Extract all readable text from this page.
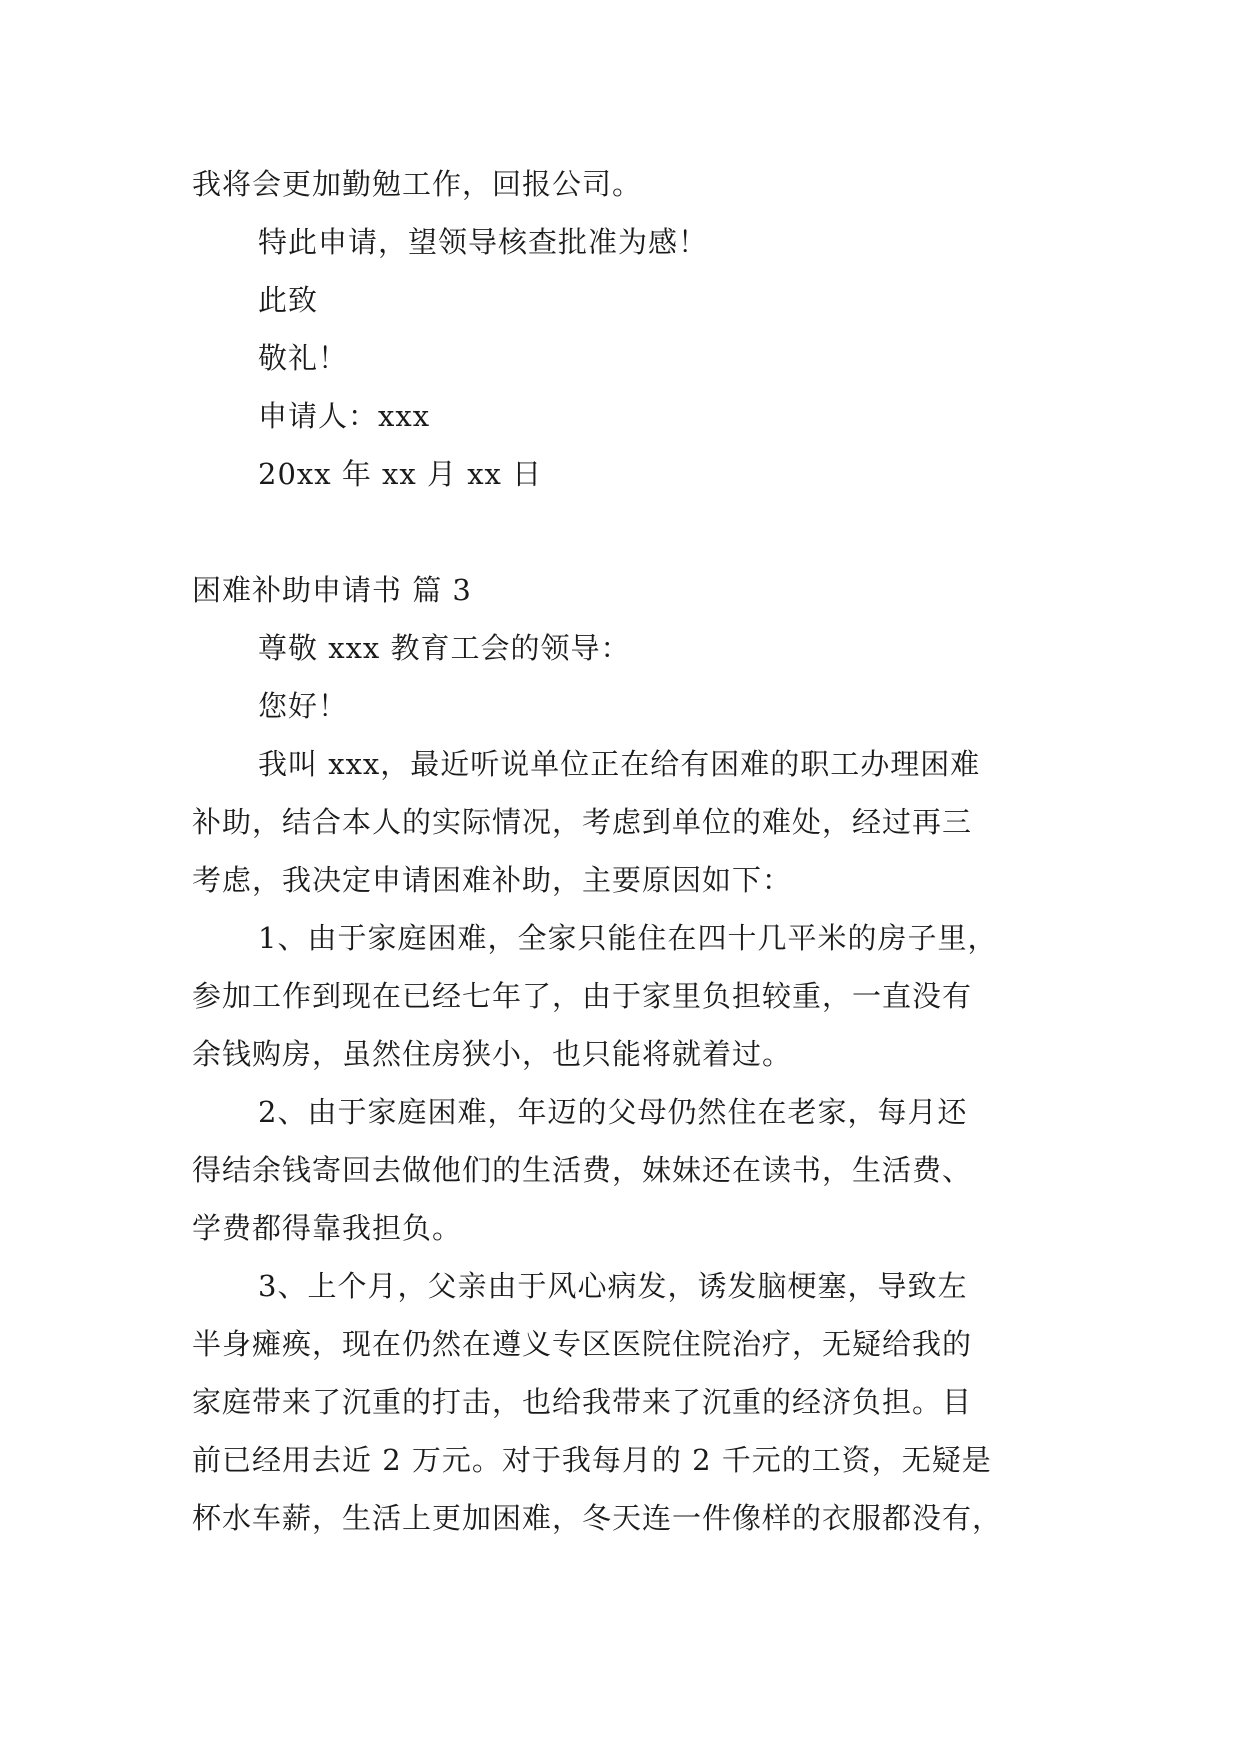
我将会更加勤勉工作，回报公司。
特此申请，望领导核查批准为感！
此致
敬礼！
申请人：xxx
20xx 年 xx 月 xx 日
困难补助申请书 篇 3
尊敬 xxx 教育工会的领导：
您好！
我叫 xxx，最近听说单位正在给有困难的职工办理困难
补助，结合本人的实际情况，考虑到单位的难处，经过再三
考虑，我决定申请困难补助，主要原因如下：
1、由于家庭困难，全家只能住在四十几平米的房子里，
参加工作到现在已经七年了，由于家里负担较重，一直没有
余钱购房，虽然住房狭小，也只能将就着过。
2、由于家庭困难，年迈的父母仍然住在老家，每月还
得结余钱寄回去做他们的生活费，妹妹还在读书，生活费、
学费都得靠我担负。
3、上个月，父亲由于风心病发，诱发脑梗塞，导致左
半身瘫痪，现在仍然在遵义专区医院住院治疗，无疑给我的
家庭带来了沉重的打击，也给我带来了沉重的经济负担。目
前已经用去近 2 万元。对于我每月的 2 千元的工资，无疑是
杯水车薪，生活上更加困难，冬天连一件像样的衣服都没有，
